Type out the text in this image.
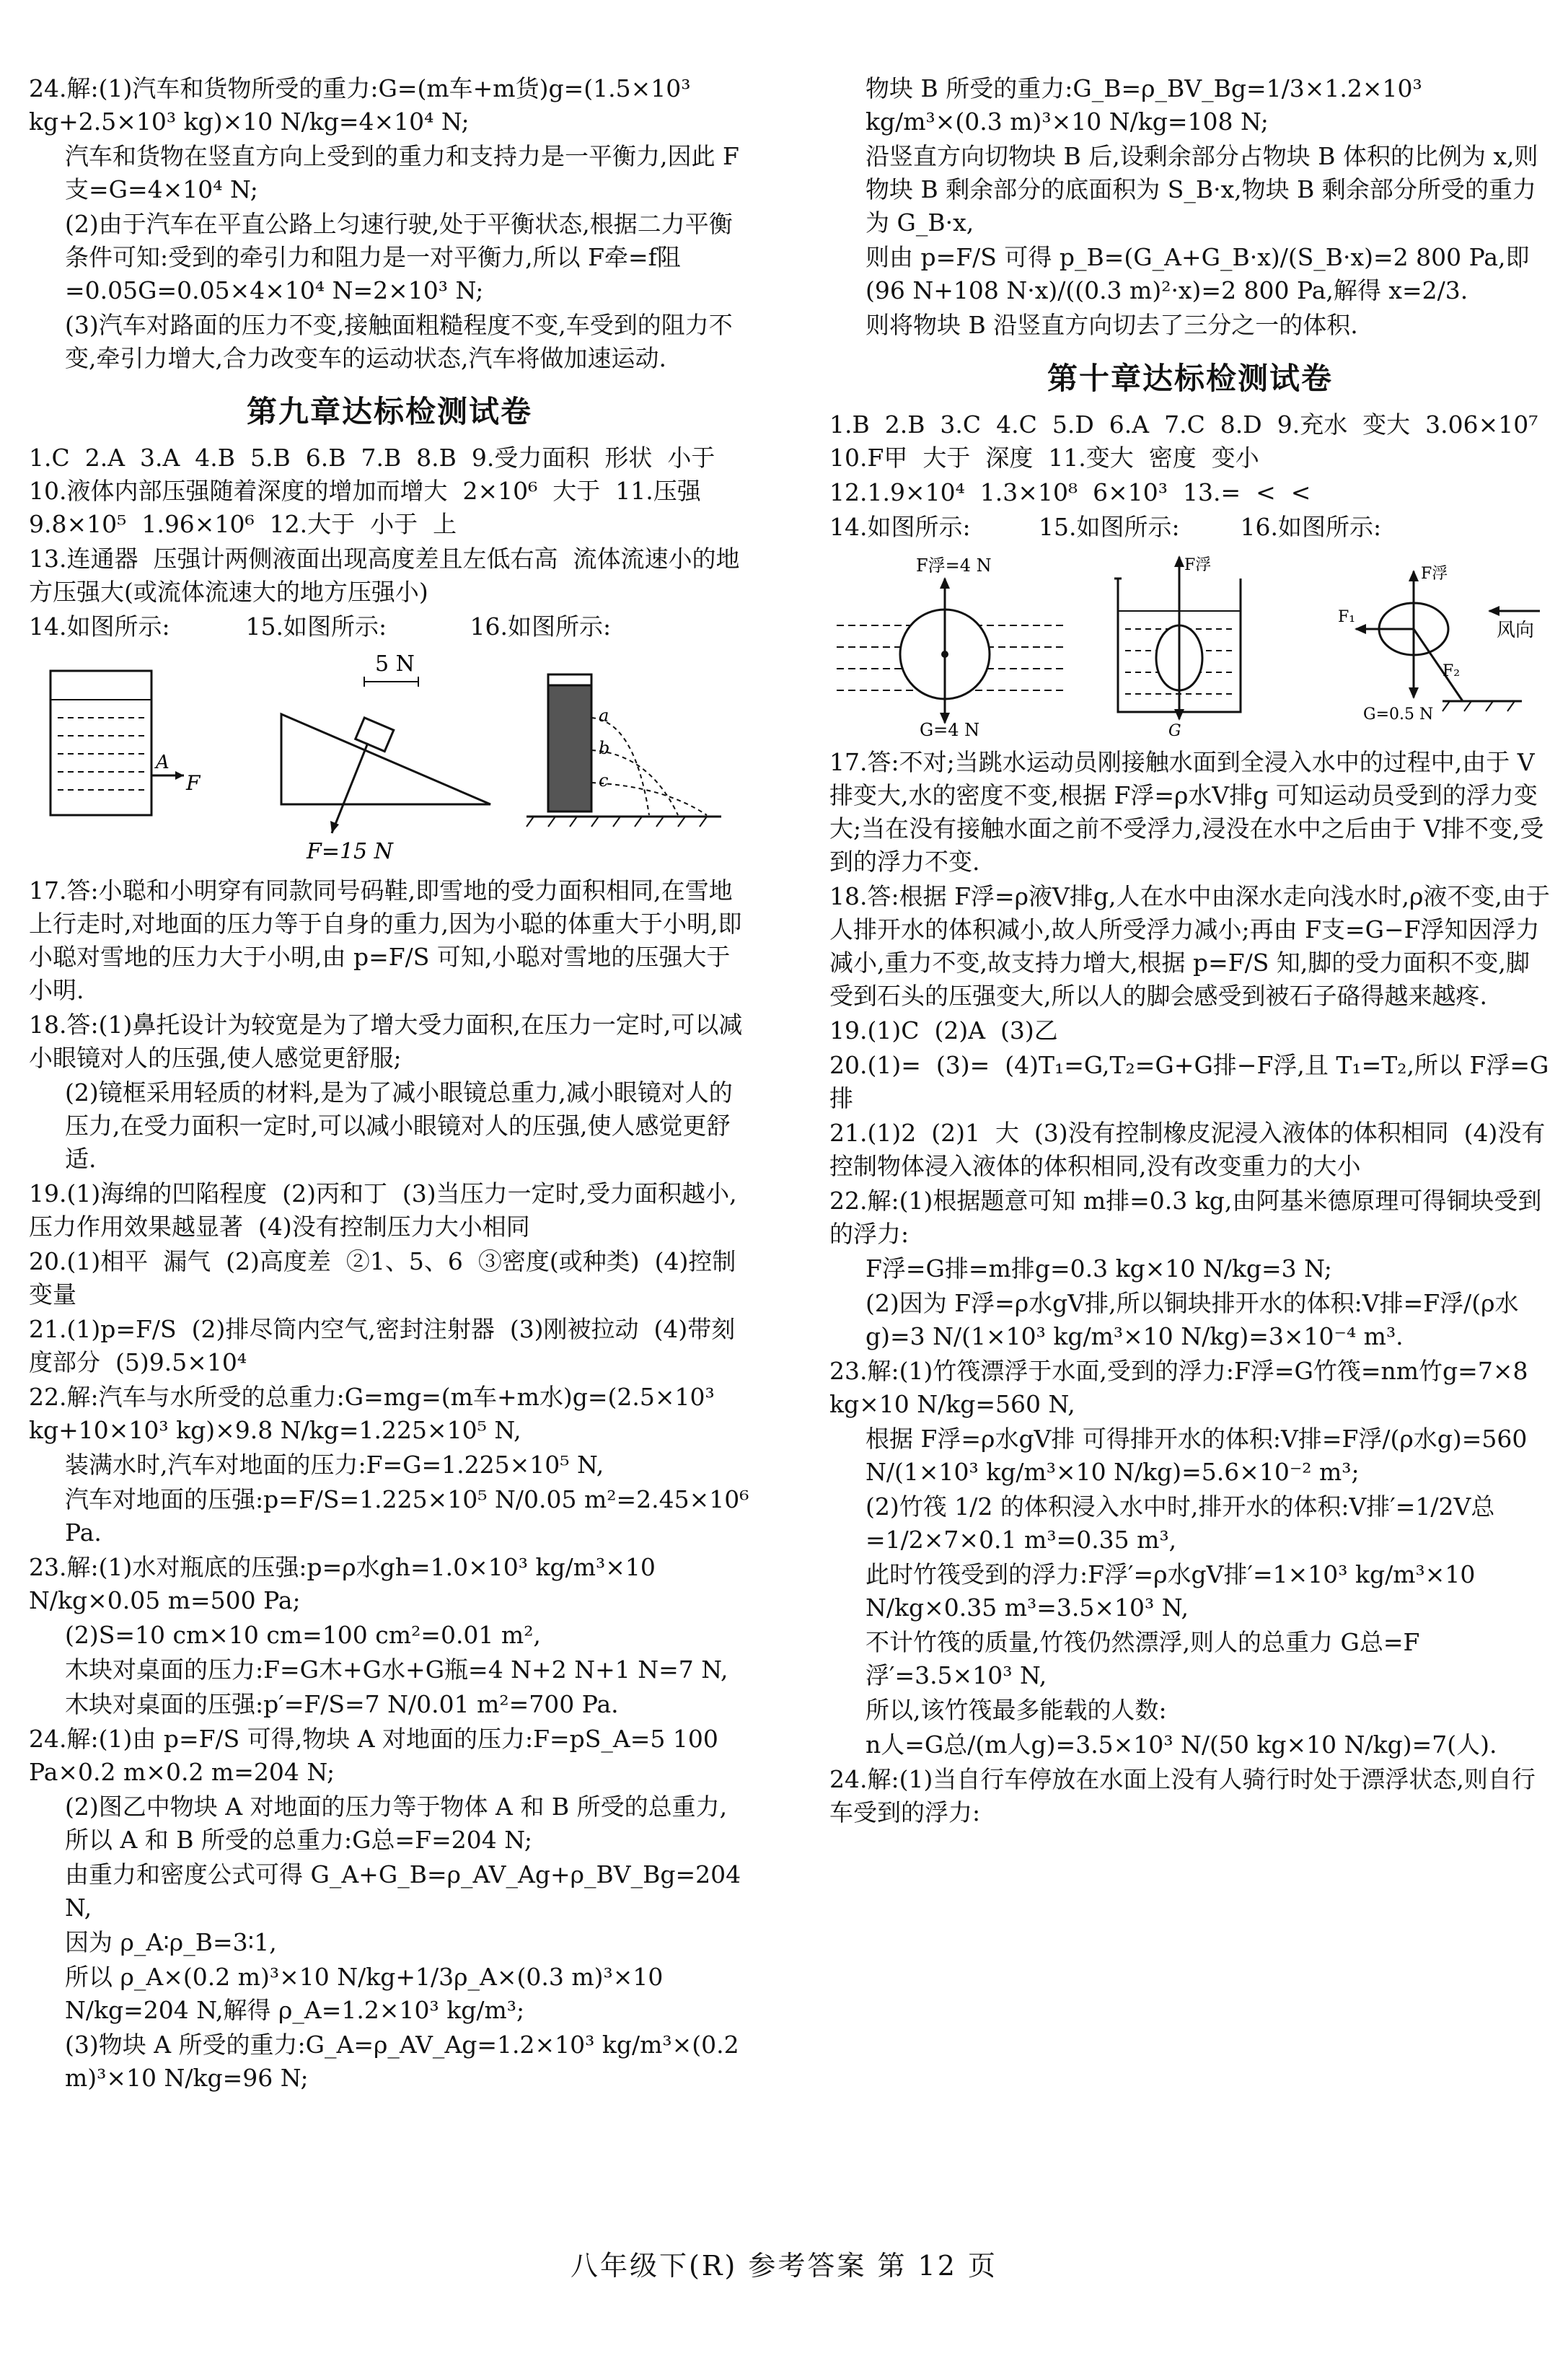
24.解:(1)汽车和货物所受的重力:G=(m车+m货)g=(1.5×10³ kg+2.5×10³ kg)×10 N/kg=4×10⁴ N;
汽车和货物在竖直方向上受到的重力和支持力是一平衡力,因此 F支=G=4×10⁴ N;
(2)由于汽车在平直公路上匀速行驶,处于平衡状态,根据二力平衡条件可知:受到的牵引力和阻力是一对平衡力,所以 F牵=f阻=0.05G=0.05×4×10⁴ N=2×10³ N;
(3)汽车对路面的压力不变,接触面粗糙程度不变,车受到的阻力不变,牵引力增大,合力改变车的运动状态,汽车将做加速运动.
第九章达标检测试卷
1.C  2.A  3.A  4.B  5.B  6.B  7.B  8.B  9.受力面积  形状  小于  10.液体内部压强随着深度的增加而增大  2×10⁶  大于  11.压强  9.8×10⁵  1.96×10⁶  12.大于  小于  上
13.连通器  压强计两侧液面出现高度差且左低右高  流体流速小的地方压强大(或流体流速大的地方压强小)
14.如图所示:          15.如图所示:           16.如图所示:
A
F
5 N
F=15 N
a
b
c
17.答:小聪和小明穿有同款同号码鞋,即雪地的受力面积相同,在雪地上行走时,对地面的压力等于自身的重力,因为小聪的体重大于小明,即小聪对雪地的压力大于小明,由 p=F/S 可知,小聪对雪地的压强大于小明.
18.答:(1)鼻托设计为较宽是为了增大受力面积,在压力一定时,可以减小眼镜对人的压强,使人感觉更舒服;
(2)镜框采用轻质的材料,是为了减小眼镜总重力,减小眼镜对人的压力,在受力面积一定时,可以减小眼镜对人的压强,使人感觉更舒适.
19.(1)海绵的凹陷程度  (2)丙和丁  (3)当压力一定时,受力面积越小,压力作用效果越显著  (4)没有控制压力大小相同
20.(1)相平  漏气  (2)高度差  ②1、5、6  ③密度(或种类)  (4)控制变量
21.(1)p=F/S  (2)排尽筒内空气,密封注射器  (3)刚被拉动  (4)带刻度部分  (5)9.5×10⁴
22.解:汽车与水所受的总重力:G=mg=(m车+m水)g=(2.5×10³ kg+10×10³ kg)×9.8 N/kg=1.225×10⁵ N,
装满水时,汽车对地面的压力:F=G=1.225×10⁵ N,
汽车对地面的压强:p=F/S=1.225×10⁵ N/0.05 m²=2.45×10⁶ Pa.
23.解:(1)水对瓶底的压强:p=ρ水gh=1.0×10³ kg/m³×10 N/kg×0.05 m=500 Pa;
(2)S=10 cm×10 cm=100 cm²=0.01 m²,
木块对桌面的压力:F=G木+G水+G瓶=4 N+2 N+1 N=7 N,
木块对桌面的压强:p′=F/S=7 N/0.01 m²=700 Pa.
24.解:(1)由 p=F/S 可得,物块 A 对地面的压力:F=pS_A=5 100 Pa×0.2 m×0.2 m=204 N;
(2)图乙中物块 A 对地面的压力等于物体 A 和 B 所受的总重力,所以 A 和 B 所受的总重力:G总=F=204 N;
由重力和密度公式可得 G_A+G_B=ρ_AV_Ag+ρ_BV_Bg=204 N,
因为 ρ_A∶ρ_B=3∶1,
所以 ρ_A×(0.2 m)³×10 N/kg+1/3ρ_A×(0.3 m)³×10 N/kg=204 N,解得 ρ_A=1.2×10³ kg/m³;
(3)物块 A 所受的重力:G_A=ρ_AV_Ag=1.2×10³ kg/m³×(0.2 m)³×10 N/kg=96 N;
物块 B 所受的重力:G_B=ρ_BV_Bg=1/3×1.2×10³ kg/m³×(0.3 m)³×10 N/kg=108 N;
沿竖直方向切物块 B 后,设剩余部分占物块 B 体积的比例为 x,则物块 B 剩余部分的底面积为 S_B·x,物块 B 剩余部分所受的重力为 G_B·x,
则由 p=F/S 可得 p_B=(G_A+G_B·x)/(S_B·x)=2 800 Pa,即 (96 N+108 N·x)/((0.3 m)²·x)=2 800 Pa,解得 x=2/3.
则将物块 B 沿竖直方向切去了三分之一的体积.
第十章达标检测试卷
1.B  2.B  3.C  4.C  5.D  6.A  7.C  8.D  9.充水  变大  3.06×10⁷  10.F甲  大于  深度  11.变大  密度  变小
12.1.9×10⁴  1.3×10⁸  6×10³  13.=  <  <
14.如图所示:         15.如图所示:        16.如图所示:
F浮=4 N
G=4 N
F浮
G
F浮
F₁
F₂
风向
G=0.5 N
17.答:不对;当跳水运动员刚接触水面到全浸入水中的过程中,由于 V排变大,水的密度不变,根据 F浮=ρ水V排g 可知运动员受到的浮力变大;当在没有接触水面之前不受浮力,浸没在水中之后由于 V排不变,受到的浮力不变.
18.答:根据 F浮=ρ液V排g,人在水中由深水走向浅水时,ρ液不变,由于人排开水的体积减小,故人所受浮力减小;再由 F支=G−F浮知因浮力减小,重力不变,故支持力增大,根据 p=F/S 知,脚的受力面积不变,脚受到石头的压强变大,所以人的脚会感受到被石子硌得越来越疼.
19.(1)C  (2)A  (3)乙
20.(1)=  (3)=  (4)T₁=G,T₂=G+G排−F浮,且 T₁=T₂,所以 F浮=G排
21.(1)2  (2)1  大  (3)没有控制橡皮泥浸入液体的体积相同  (4)没有控制物体浸入液体的体积相同,没有改变重力的大小
22.解:(1)根据题意可知 m排=0.3 kg,由阿基米德原理可得铜块受到的浮力:
F浮=G排=m排g=0.3 kg×10 N/kg=3 N;
(2)因为 F浮=ρ水gV排,所以铜块排开水的体积:V排=F浮/(ρ水g)=3 N/(1×10³ kg/m³×10 N/kg)=3×10⁻⁴ m³.
23.解:(1)竹筏漂浮于水面,受到的浮力:F浮=G竹筏=nm竹g=7×8 kg×10 N/kg=560 N,
根据 F浮=ρ水gV排 可得排开水的体积:V排=F浮/(ρ水g)=560 N/(1×10³ kg/m³×10 N/kg)=5.6×10⁻² m³;
(2)竹筏 1/2 的体积浸入水中时,排开水的体积:V排′=1/2V总=1/2×7×0.1 m³=0.35 m³,
此时竹筏受到的浮力:F浮′=ρ水gV排′=1×10³ kg/m³×10 N/kg×0.35 m³=3.5×10³ N,
不计竹筏的质量,竹筏仍然漂浮,则人的总重力 G总=F浮′=3.5×10³ N,
所以,该竹筏最多能载的人数:
n人=G总/(m人g)=3.5×10³ N/(50 kg×10 N/kg)=7(人).
24.解:(1)当自行车停放在水面上没有人骑行时处于漂浮状态,则自行车受到的浮力:
八年级下(R) 参考答案 第 12 页
